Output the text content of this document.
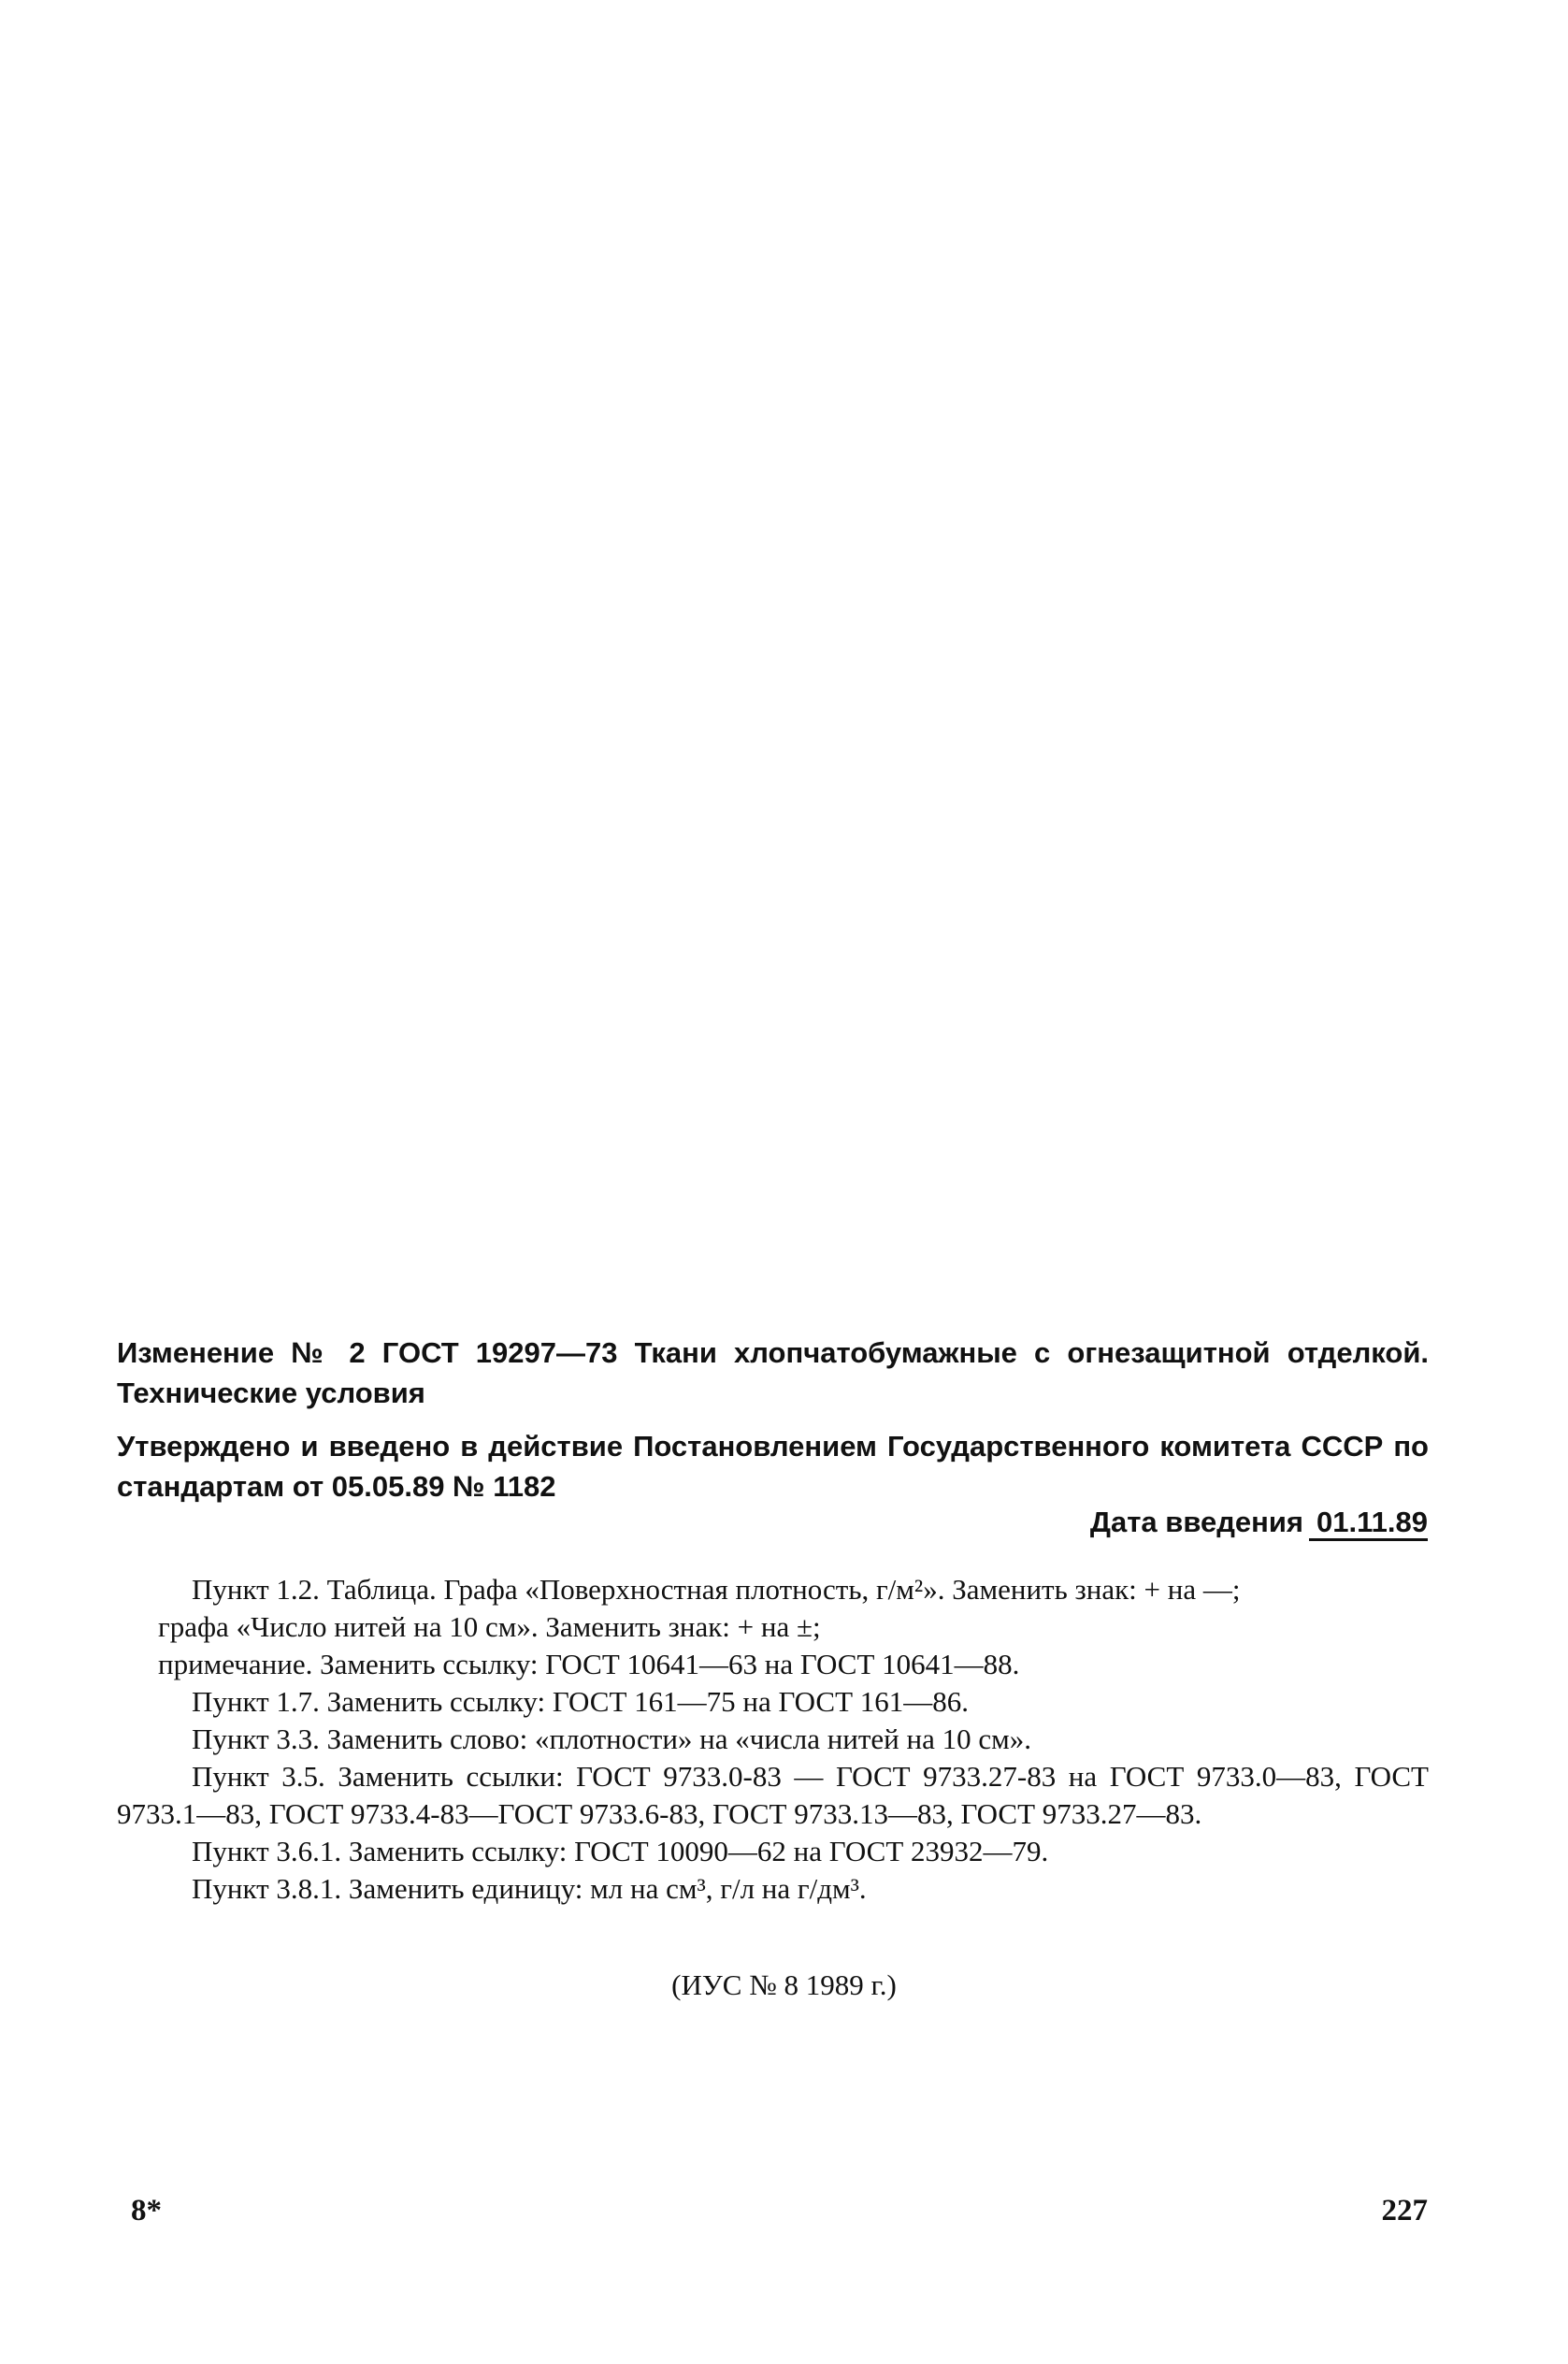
Изменение № 2 ГОСТ 19297—73 Ткани хлопчатобумажные с огнезащитной отделкой. Технические условия
Утверждено и введено в действие Постановлением Государственного комитета СССР по стандартам от 05.05.89 № 1182
Дата введения 01.11.89

Пункт 1.2. Таблица. Графа «Поверхностная плотность, г/м²». Заменить знак: + на —;

графа «Число нитей на 10 см». Заменить знак: + на ±;

примечание. Заменить ссылку: ГОСТ 10641—63 на ГОСТ 10641—88.

Пункт 1.7. Заменить ссылку: ГОСТ 161—75 на ГОСТ 161—86.

Пункт 3.3. Заменить слово: «плотности» на «числа нитей на 10 см».

Пункт 3.5. Заменить ссылки: ГОСТ 9733.0-83 — ГОСТ 9733.27-83 на ГОСТ 9733.0—83, ГОСТ 9733.1—83, ГОСТ 9733.4-83—ГОСТ 9733.6-83, ГОСТ 9733.13—83, ГОСТ 9733.27—83.

Пункт 3.6.1. Заменить ссылку: ГОСТ 10090—62 на ГОСТ 23932—79.

Пункт 3.8.1. Заменить единицу: мл на см³, г/л на г/дм³.

(ИУС № 8 1989 г.)
8*	227
